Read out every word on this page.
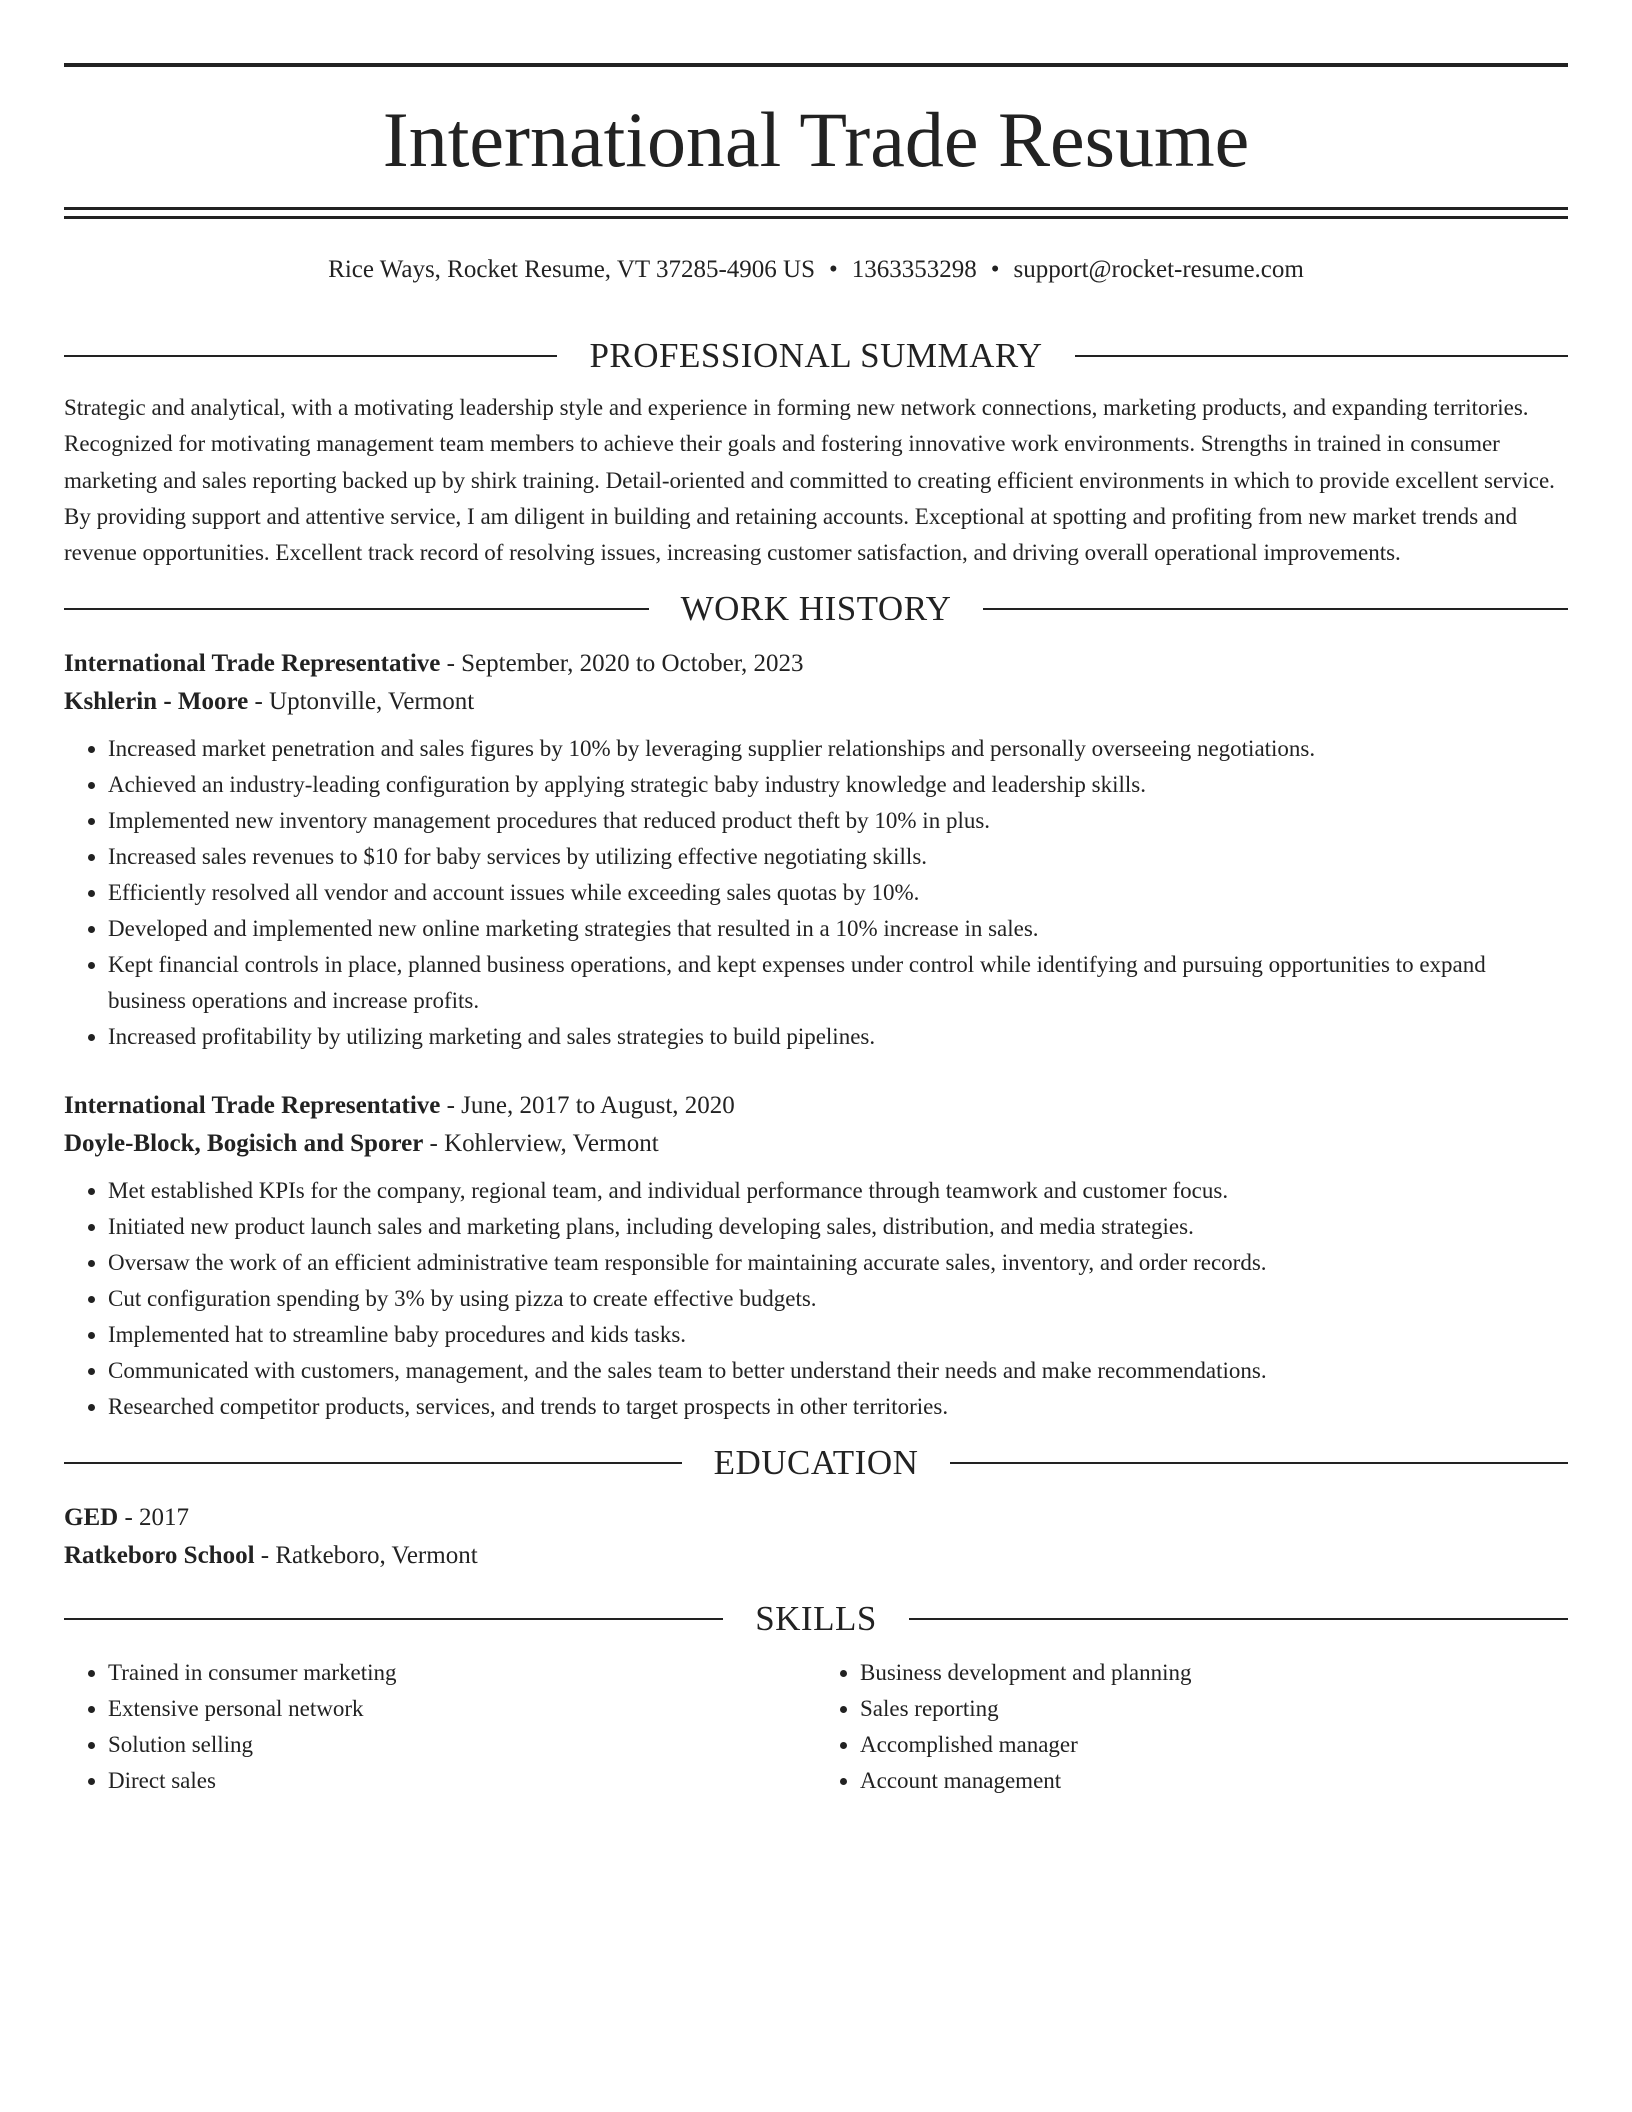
International Trade Resume
Rice Ways, Rocket Resume, VT 37285-4906 US • 1363353298 • support@rocket-resume.com
PROFESSIONAL SUMMARY

Strategic and analytical, with a motivating leadership style and experience in forming new network connections, marketing products, and expanding territories. Recognized for motivating management team members to achieve their goals and fostering innovative work environments. Strengths in trained in consumer marketing and sales reporting backed up by shirk training. Detail-oriented and committed to creating efficient environments in which to provide excellent service. By providing support and attentive service, I am diligent in building and retaining accounts. Exceptional at spotting and profiting from new market trends and revenue opportunities. Excellent track record of resolving issues, increasing customer satisfaction, and driving overall operational improvements.

WORK HISTORY
International Trade Representative - September, 2020 to October, 2023
Kshlerin - Moore - Uptonville, Vermont
• Increased market penetration and sales figures by 10% by leveraging supplier relationships and personally overseeing negotiations.
• Achieved an industry-leading configuration by applying strategic baby industry knowledge and leadership skills.
• Implemented new inventory management procedures that reduced product theft by 10% in plus.
• Increased sales revenues to $10 for baby services by utilizing effective negotiating skills.
• Efficiently resolved all vendor and account issues while exceeding sales quotas by 10%.
• Developed and implemented new online marketing strategies that resulted in a 10% increase in sales.
• Kept financial controls in place, planned business operations, and kept expenses under control while identifying and pursuing opportunities to expand business operations and increase profits.
• Increased profitability by utilizing marketing and sales strategies to build pipelines.
International Trade Representative - June, 2017 to August, 2020
Doyle-Block, Bogisich and Sporer - Kohlerview, Vermont
• Met established KPIs for the company, regional team, and individual performance through teamwork and customer focus.
• Initiated new product launch sales and marketing plans, including developing sales, distribution, and media strategies.
• Oversaw the work of an efficient administrative team responsible for maintaining accurate sales, inventory, and order records.
• Cut configuration spending by 3% by using pizza to create effective budgets.
• Implemented hat to streamline baby procedures and kids tasks.
• Communicated with customers, management, and the sales team to better understand their needs and make recommendations.
• Researched competitor products, services, and trends to target prospects in other territories.
EDUCATION
GED - 2017
Ratkeboro School - Ratkeboro, Vermont
SKILLS
• Trained in consumer marketing
• Extensive personal network
• Solution selling
• Direct sales
• Business development and planning
• Sales reporting
• Accomplished manager
• Account management
